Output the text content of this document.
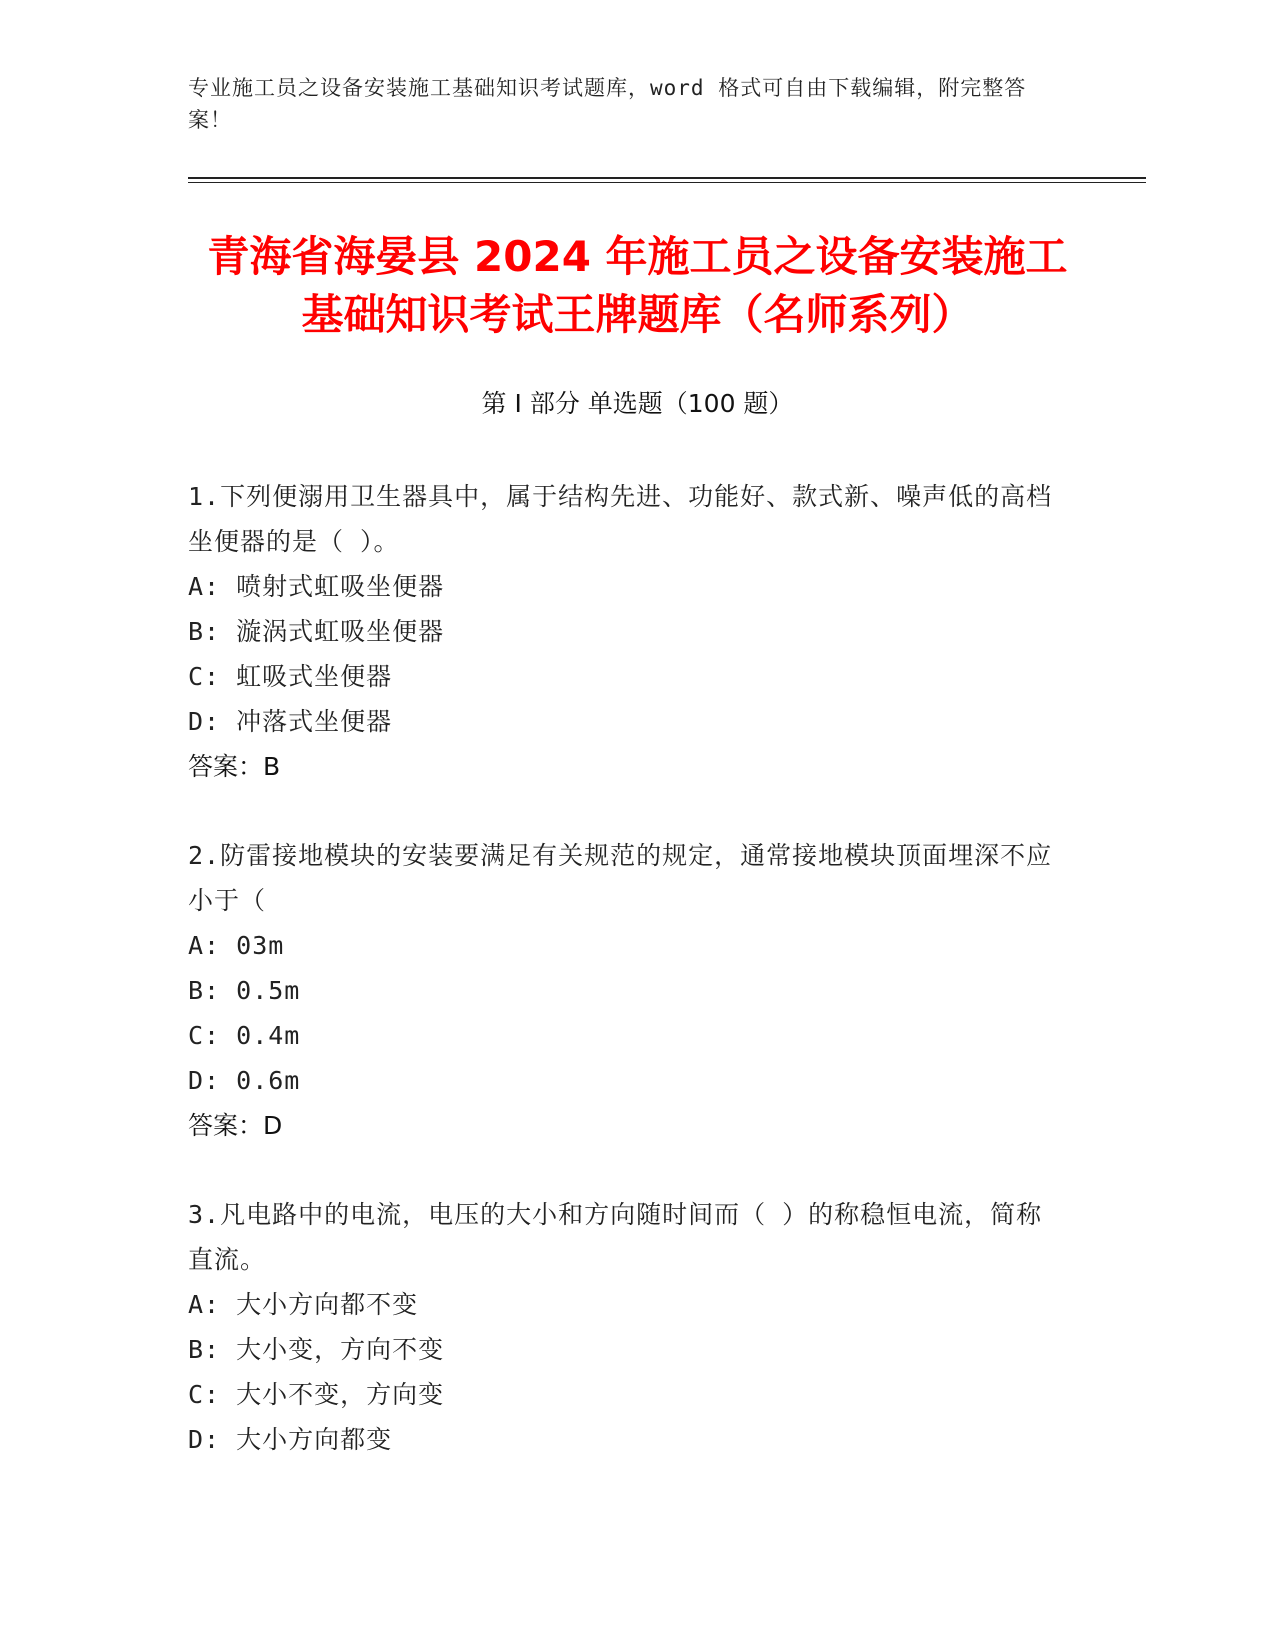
专业施工员之设备安装施工基础知识考试题库，word 格式可自由下载编辑，附完整答案！
青海省海晏县 2024 年施工员之设备安装施工
基础知识考试王牌题库（名师系列）
第 I 部分 单选题（100 题）

1.下列便溺用卫生器具中，属于结构先进、功能好、款式新、噪声低的高档坐便器的是（ ）。

A: 喷射式虹吸坐便器

B: 漩涡式虹吸坐便器

C: 虹吸式坐便器

D: 冲落式坐便器

答案：B

2.防雷接地模块的安装要满足有关规范的规定，通常接地模块顶面埋深不应小于（

A: 03m

B: 0.5m

C: 0.4m

D: 0.6m

答案：D

3.凡电路中的电流，电压的大小和方向随时间而（ ）的称稳恒电流，简称直流。

A: 大小方向都不变

B: 大小变，方向不变

C: 大小不变，方向变

D: 大小方向都变
